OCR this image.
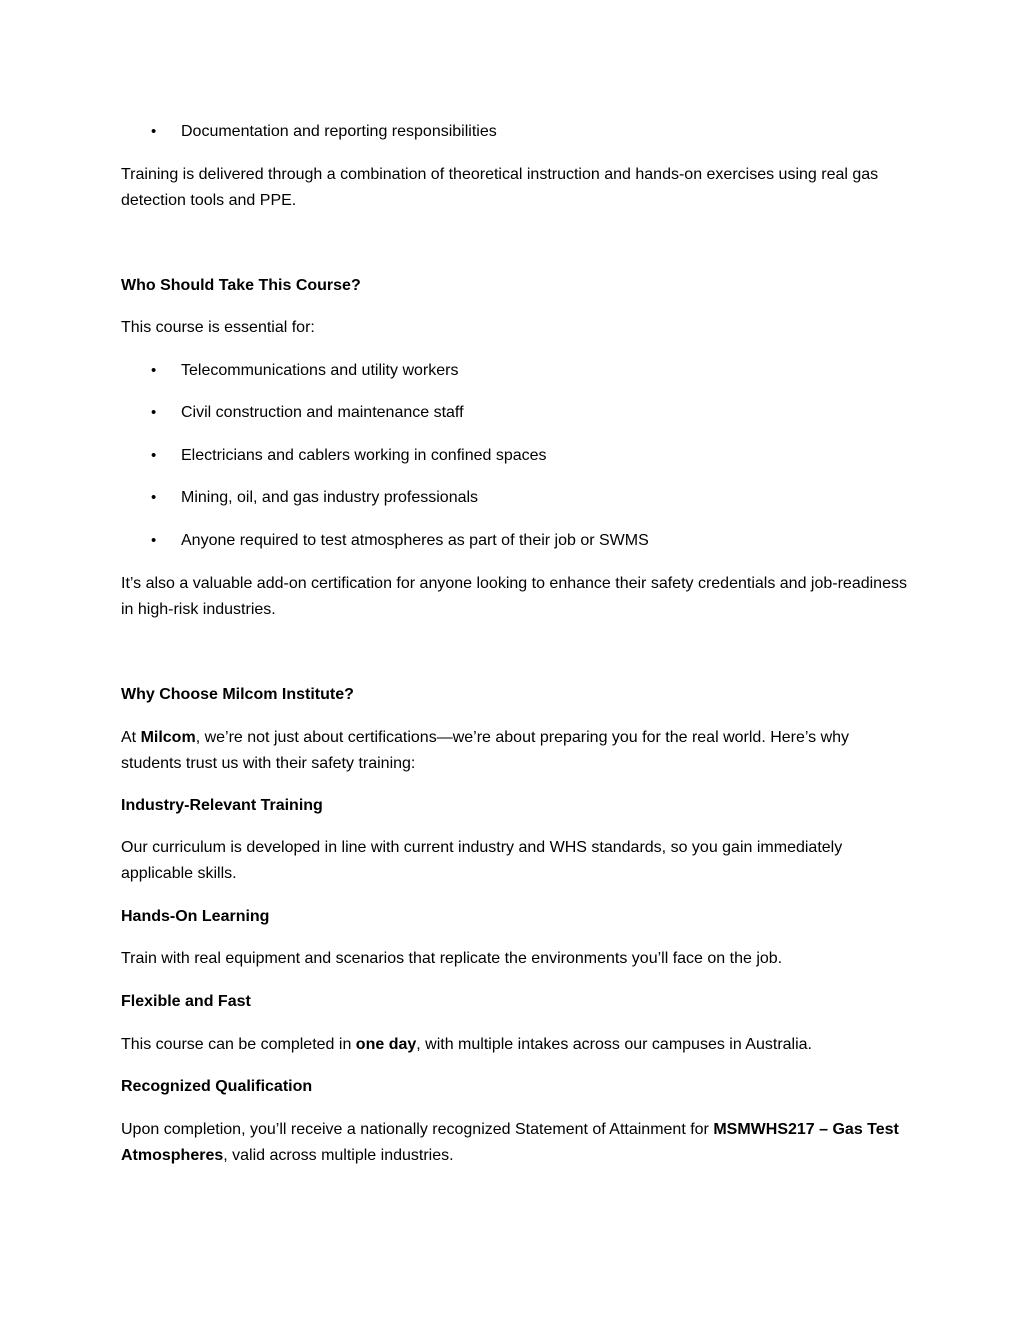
• Documentation and reporting responsibilities

Training is delivered through a combination of theoretical instruction and hands-on exercises using real gas detection tools and PPE.

Who Should Take This Course?

This course is essential for:

• Telecommunications and utility workers
• Civil construction and maintenance staff
• Electricians and cablers working in confined spaces
• Mining, oil, and gas industry professionals
• Anyone required to test atmospheres as part of their job or SWMS

It’s also a valuable add-on certification for anyone looking to enhance their safety credentials and job-readiness in high-risk industries.

Why Choose Milcom Institute?

At Milcom, we’re not just about certifications—we’re about preparing you for the real world. Here’s why students trust us with their safety training:

Industry-Relevant Training

Our curriculum is developed in line with current industry and WHS standards, so you gain immediately applicable skills.

Hands-On Learning

Train with real equipment and scenarios that replicate the environments you’ll face on the job.

Flexible and Fast

This course can be completed in one day, with multiple intakes across our campuses in Australia.

Recognized Qualification

Upon completion, you’ll receive a nationally recognized Statement of Attainment for MSMWHS217 – Gas Test Atmospheres, valid across multiple industries.
